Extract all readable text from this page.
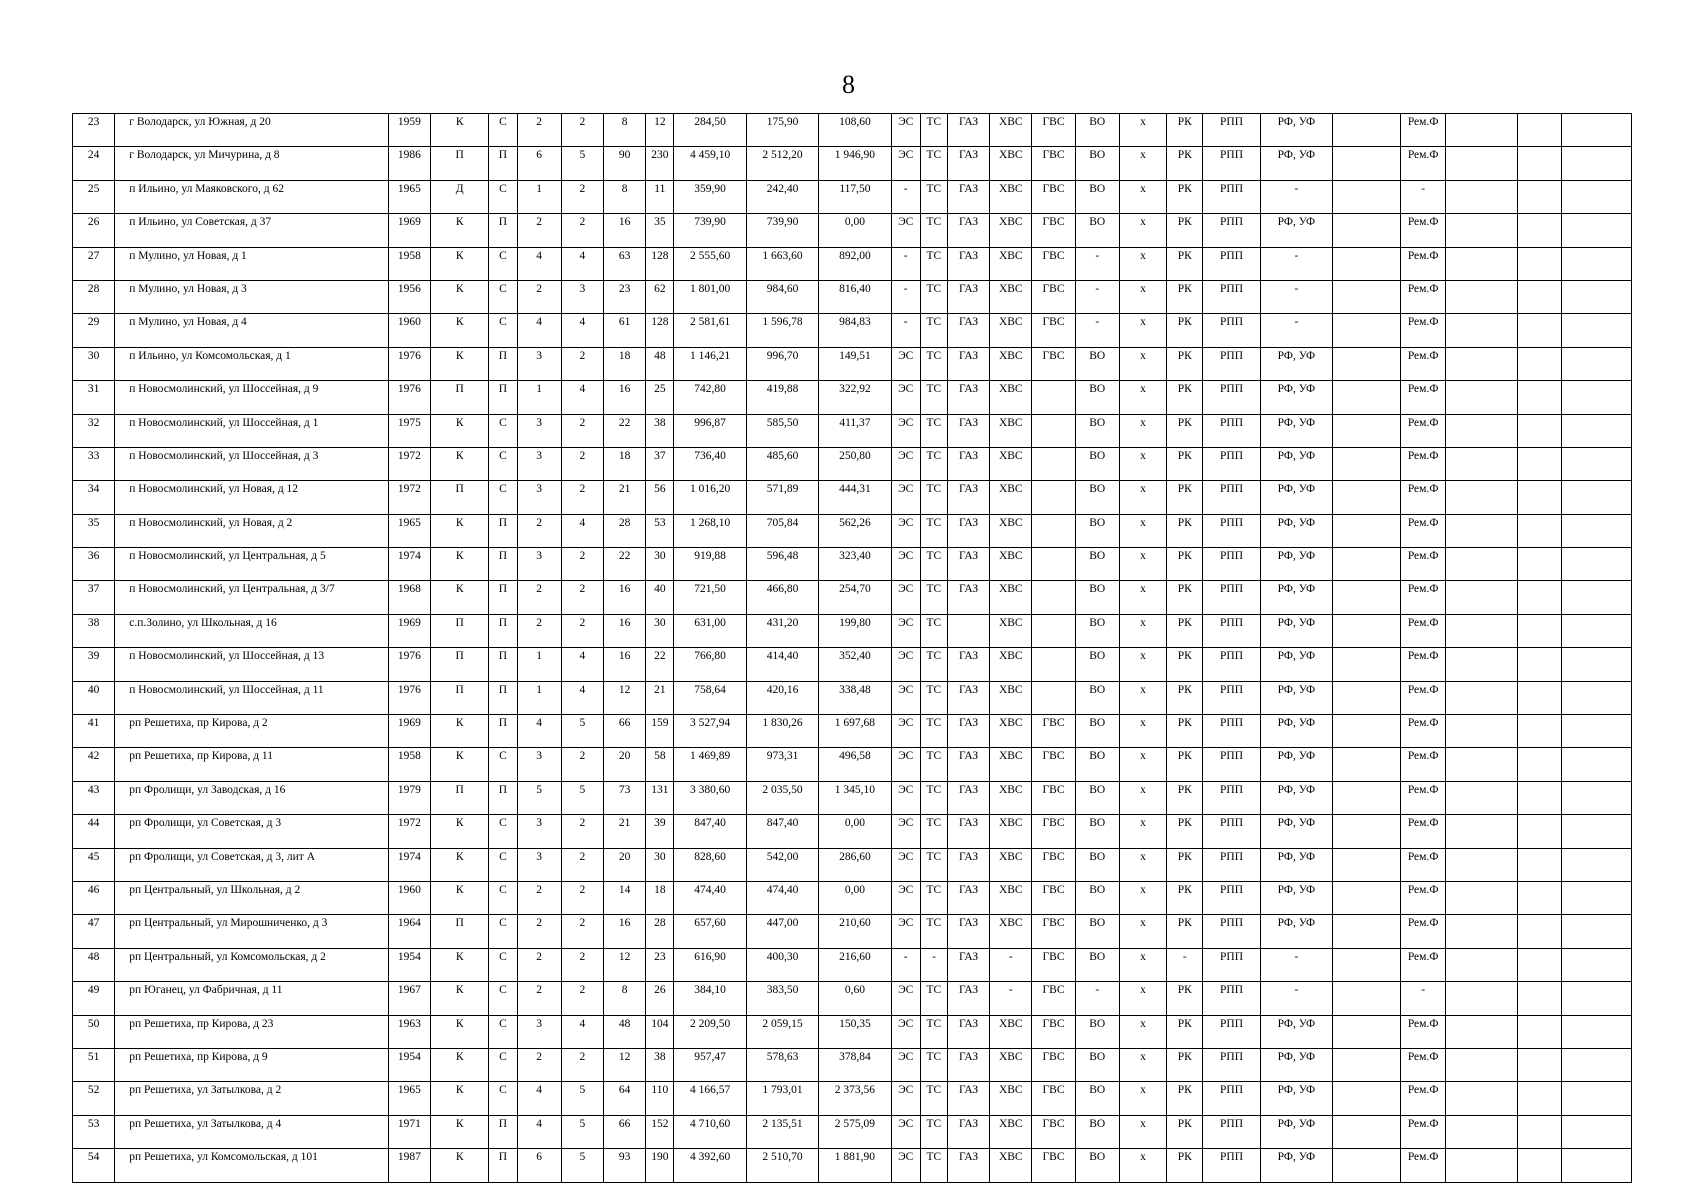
8
23	г Володарск, ул Южная, д 20	1959	К	С	2	2	8	12	284,50	175,90	108,60	ЭС	ТС	ГАЗ	ХВС	ГВС	ВО	х	РК	РПП	РФ, УФ		Рем.Ф			
24	г Володарск, ул Мичурина, д 8	1986	П	П	6	5	90	230	4 459,10	2 512,20	1 946,90	ЭС	ТС	ГАЗ	ХВС	ГВС	ВО	х	РК	РПП	РФ, УФ		Рем.Ф			
25	п Ильино, ул Маяковского, д 62	1965	Д	С	1	2	8	11	359,90	242,40	117,50	-	ТС	ГАЗ	ХВС	ГВС	ВО	х	РК	РПП	-		-			
26	п Ильино, ул Советская, д 37	1969	К	П	2	2	16	35	739,90	739,90	0,00	ЭС	ТС	ГАЗ	ХВС	ГВС	ВО	х	РК	РПП	РФ, УФ		Рем.Ф			
27	п Мулино, ул Новая, д 1	1958	К	С	4	4	63	128	2 555,60	1 663,60	892,00	-	ТС	ГАЗ	ХВС	ГВС	-	х	РК	РПП	-		Рем.Ф			
28	п Мулино, ул Новая, д 3	1956	К	С	2	3	23	62	1 801,00	984,60	816,40	-	ТС	ГАЗ	ХВС	ГВС	-	х	РК	РПП	-		Рем.Ф			
29	п Мулино, ул Новая, д 4	1960	К	С	4	4	61	128	2 581,61	1 596,78	984,83	-	ТС	ГАЗ	ХВС	ГВС	-	х	РК	РПП	-		Рем.Ф			
30	п Ильино, ул Комсомольская, д 1	1976	К	П	3	2	18	48	1 146,21	996,70	149,51	ЭС	ТС	ГАЗ	ХВС	ГВС	ВО	х	РК	РПП	РФ, УФ		Рем.Ф			
31	п Новосмолинский, ул Шоссейная, д 9	1976	П	П	1	4	16	25	742,80	419,88	322,92	ЭС	ТС	ГАЗ	ХВС		ВО	х	РК	РПП	РФ, УФ		Рем.Ф			
32	п Новосмолинский, ул Шоссейная, д 1	1975	К	С	3	2	22	38	996,87	585,50	411,37	ЭС	ТС	ГАЗ	ХВС		ВО	х	РК	РПП	РФ, УФ		Рем.Ф			
33	п Новосмолинский, ул Шоссейная, д 3	1972	К	С	3	2	18	37	736,40	485,60	250,80	ЭС	ТС	ГАЗ	ХВС		ВО	х	РК	РПП	РФ, УФ		Рем.Ф			
34	п Новосмолинский, ул Новая, д 12	1972	П	С	3	2	21	56	1 016,20	571,89	444,31	ЭС	ТС	ГАЗ	ХВС		ВО	х	РК	РПП	РФ, УФ		Рем.Ф			
35	п Новосмолинский, ул Новая, д 2	1965	К	П	2	4	28	53	1 268,10	705,84	562,26	ЭС	ТС	ГАЗ	ХВС		ВО	х	РК	РПП	РФ, УФ		Рем.Ф			
36	п Новосмолинский, ул Центральная, д 5	1974	К	П	3	2	22	30	919,88	596,48	323,40	ЭС	ТС	ГАЗ	ХВС		ВО	х	РК	РПП	РФ, УФ		Рем.Ф			
37	п Новосмолинский, ул Центральная, д 3/7	1968	К	П	2	2	16	40	721,50	466,80	254,70	ЭС	ТС	ГАЗ	ХВС		ВО	х	РК	РПП	РФ, УФ		Рем.Ф			
38	с.п.Золино, ул Школьная, д 16	1969	П	П	2	2	16	30	631,00	431,20	199,80	ЭС	ТС		ХВС		ВО	х	РК	РПП	РФ, УФ		Рем.Ф			
39	п Новосмолинский, ул Шоссейная, д 13	1976	П	П	1	4	16	22	766,80	414,40	352,40	ЭС	ТС	ГАЗ	ХВС		ВО	х	РК	РПП	РФ, УФ		Рем.Ф			
40	п Новосмолинский, ул Шоссейная, д 11	1976	П	П	1	4	12	21	758,64	420,16	338,48	ЭС	ТС	ГАЗ	ХВС		ВО	х	РК	РПП	РФ, УФ		Рем.Ф			
41	рп Решетиха, пр Кирова, д 2	1969	К	П	4	5	66	159	3 527,94	1 830,26	1 697,68	ЭС	ТС	ГАЗ	ХВС	ГВС	ВО	х	РК	РПП	РФ, УФ		Рем.Ф			
42	рп Решетиха, пр Кирова, д 11	1958	К	С	3	2	20	58	1 469,89	973,31	496,58	ЭС	ТС	ГАЗ	ХВС	ГВС	ВО	х	РК	РПП	РФ, УФ		Рем.Ф			
43	рп Фролищи, ул Заводская, д 16	1979	П	П	5	5	73	131	3 380,60	2 035,50	1 345,10	ЭС	ТС	ГАЗ	ХВС	ГВС	ВО	х	РК	РПП	РФ, УФ		Рем.Ф			
44	рп Фролищи, ул Советская, д 3	1972	К	С	3	2	21	39	847,40	847,40	0,00	ЭС	ТС	ГАЗ	ХВС	ГВС	ВО	х	РК	РПП	РФ, УФ		Рем.Ф			
45	рп Фролищи, ул Советская, д 3, лит А	1974	К	С	3	2	20	30	828,60	542,00	286,60	ЭС	ТС	ГАЗ	ХВС	ГВС	ВО	х	РК	РПП	РФ, УФ		Рем.Ф			
46	рп Центральный, ул Школьная, д 2	1960	К	С	2	2	14	18	474,40	474,40	0,00	ЭС	ТС	ГАЗ	ХВС	ГВС	ВО	х	РК	РПП	РФ, УФ		Рем.Ф			
47	рп Центральный, ул Мирошниченко, д 3	1964	П	С	2	2	16	28	657,60	447,00	210,60	ЭС	ТС	ГАЗ	ХВС	ГВС	ВО	х	РК	РПП	РФ, УФ		Рем.Ф			
48	рп Центральный, ул Комсомольская, д 2	1954	К	С	2	2	12	23	616,90	400,30	216,60	-	-	ГАЗ	-	ГВС	ВО	х	-	РПП	-		Рем.Ф			
49	рп Юганец, ул Фабричная, д 11	1967	К	С	2	2	8	26	384,10	383,50	0,60	ЭС	ТС	ГАЗ	-	ГВС	-	х	РК	РПП	-		-			
50	рп Решетиха, пр Кирова, д 23	1963	К	С	3	4	48	104	2 209,50	2 059,15	150,35	ЭС	ТС	ГАЗ	ХВС	ГВС	ВО	х	РК	РПП	РФ, УФ		Рем.Ф			
51	рп Решетиха, пр Кирова, д 9	1954	К	С	2	2	12	38	957,47	578,63	378,84	ЭС	ТС	ГАЗ	ХВС	ГВС	ВО	х	РК	РПП	РФ, УФ		Рем.Ф			
52	рп Решетиха, ул Затылкова, д 2	1965	К	С	4	5	64	110	4 166,57	1 793,01	2 373,56	ЭС	ТС	ГАЗ	ХВС	ГВС	ВО	х	РК	РПП	РФ, УФ		Рем.Ф			
53	рп Решетиха, ул Затылкова, д 4	1971	К	П	4	5	66	152	4 710,60	2 135,51	2 575,09	ЭС	ТС	ГАЗ	ХВС	ГВС	ВО	х	РК	РПП	РФ, УФ		Рем.Ф			
54	рп Решетиха, ул Комсомольская, д 101	1987	К	П	6	5	93	190	4 392,60	2 510,70	1 881,90	ЭС	ТС	ГАЗ	ХВС	ГВС	ВО	х	РК	РПП	РФ, УФ		Рем.Ф			
